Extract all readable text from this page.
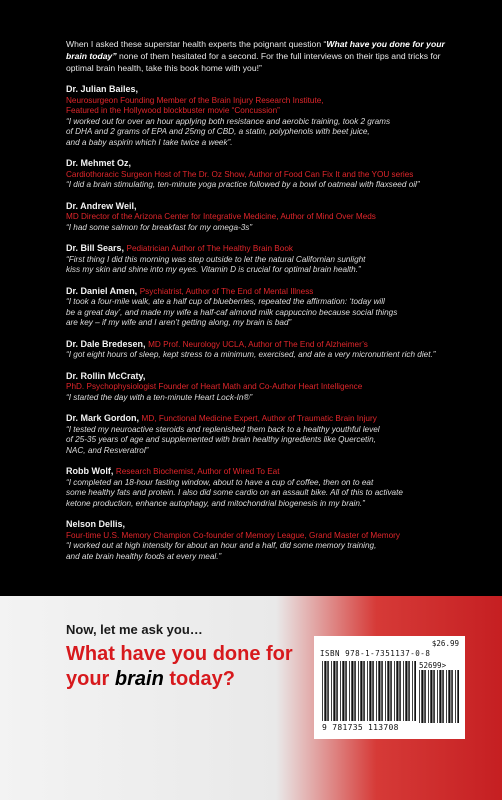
When I asked these superstar health experts the poignant question “What have you done for your brain today” none of them hesitated for a second. For the full interviews on their tips and tricks for optimal brain health, take this book home with you!”
Dr. Julian Bailes,
Neurosurgeon Founding Member of the Brain Injury Research Institute,
Featured in the Hollywood blockbuster movie “Concussion”
“I worked out for over an hour applying both resistance and aerobic training, took 2 grams
of DHA and 2 grams of EPA and 25mg of CBD, a statin, polyphenols with beet juice,
and a baby aspirin which I take twice a week”.
Dr. Mehmet Oz,
Cardiothoracic Surgeon Host of The Dr. Oz Show, Author of Food Can Fix It and the YOU series
“I did a brain stimulating, ten-minute yoga practice followed by a bowl of oatmeal with flaxseed oil”
Dr. Andrew Weil,
MD Director of the Arizona Center for Integrative Medicine, Author of Mind Over Meds
“I had some salmon for breakfast for my omega-3s”
Dr. Bill Sears, Pediatrician Author of The Healthy Brain Book
“First thing I did this morning was step outside to let the natural Californian sunlight
kiss my skin and shine into my eyes. Vitamin D is crucial for optimal brain health.”
Dr. Daniel Amen, Psychiatrist, Author of The End of Mental Illness
“I took a four-mile walk, ate a half cup of blueberries, repeated the affirmation: ‘today will
be a great day’, and made my wife a half-caf almond milk cappuccino because social things
are key – if my wife and I aren’t getting along, my brain is bad”
Dr. Dale Bredesen, MD Prof. Neurology UCLA, Author of The End of Alzheimer’s
“I got eight hours of sleep, kept stress to a minimum, exercised, and ate a very micronutrient rich diet.”
Dr. Rollin McCraty,
PhD. Psychophysiologist Founder of Heart Math and Co-Author Heart Intelligence
“I started the day with a ten-minute Heart Lock-In®”
Dr. Mark Gordon, MD, Functional Medicine Expert, Author of Traumatic Brain Injury
“I tested my neuroactive steroids and replenished them back to a healthy youthful level
of 25-35 years of age and supplemented with brain healthy ingredients like Quercetin,
NAC, and Resveratrol”
Robb Wolf, Research Biochemist, Author of Wired To Eat
“I completed an 18-hour fasting window, about to have a cup of coffee, then on to eat
some healthy fats and protein. I also did some cardio on an assault bike. All of this to activate
ketone production, enhance autophagy, and mitochondrial biogenesis in my brain.”
Nelson Dellis,
Four-time U.S. Memory Champion Co-founder of Memory League, Grand Master of Memory
“I worked out at high intensity for about an hour and a half, did some memory training,
and ate brain healthy foods at every meal.”
Now, let me ask you…
What have you done for your brain today?
$26.99
ISBN 978-1-7351137-0-8
52699>
9 781735 113708
